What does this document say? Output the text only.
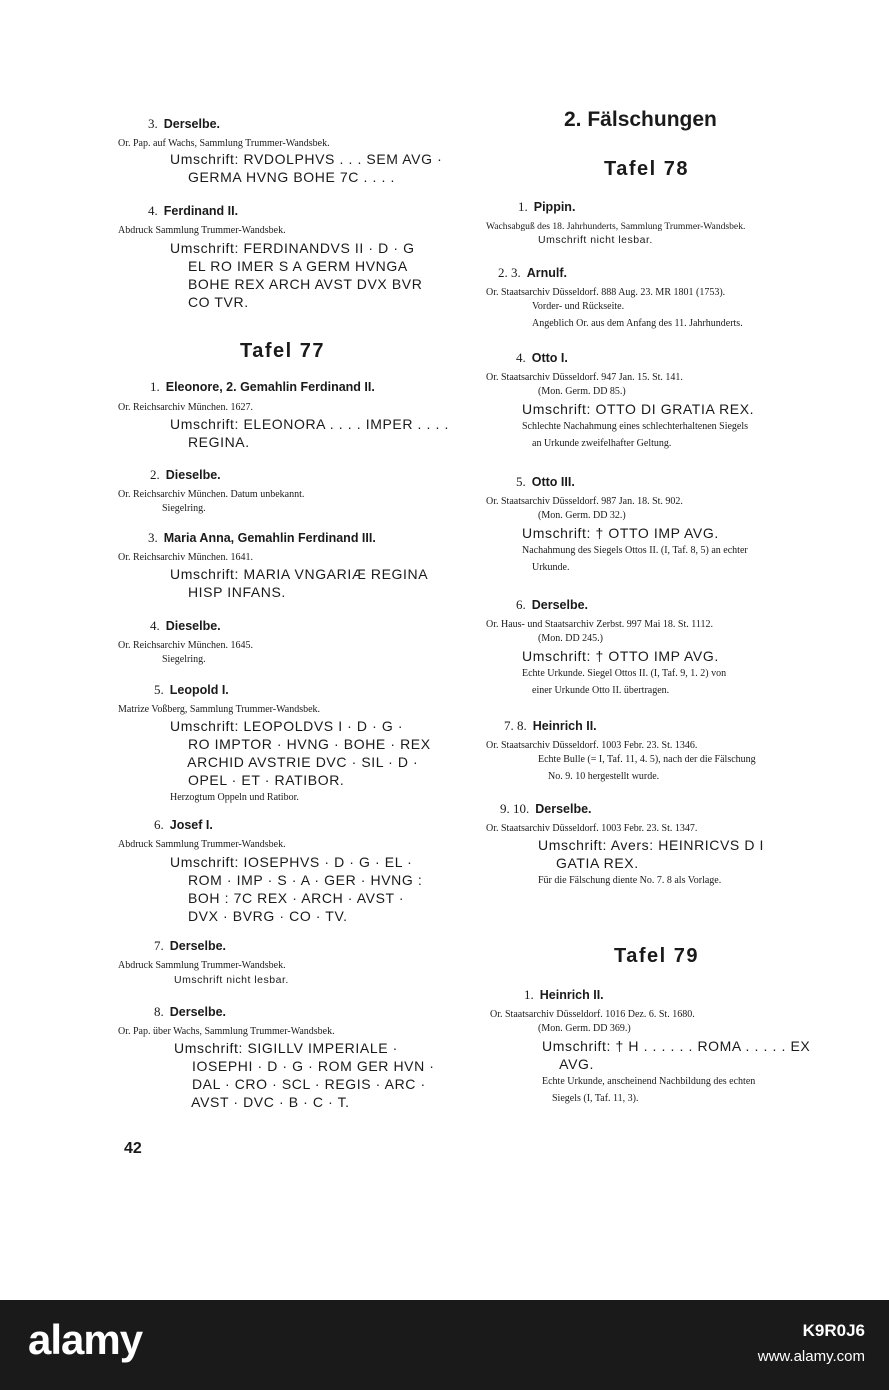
3. Derselbe.
Or. Pap. auf Wachs, Sammlung Trummer-Wandsbek.
Umschrift: RVDOLPHVS . . . SEM AVG ·
GERMA HVNG BOHE 7C . . . .
4. Ferdinand II.
Abdruck Sammlung Trummer-Wandsbek.
Umschrift: FERDINANDVS II · D · G
EL RO IMER S A GERM HVNGA
BOHE REX ARCH AVST DVX BVR
CO TVR.
Tafel 77
1. Eleonore, 2. Gemahlin Ferdinand II.
Or. Reichsarchiv München. 1627.
Umschrift: ELEONORA . . . . IMPER . . . .
REGINA.
2. Dieselbe.
Or. Reichsarchiv München. Datum unbekannt.
Siegelring.
3. Maria Anna, Gemahlin Ferdinand III.
Or. Reichsarchiv München. 1641.
Umschrift: MARIA VNGARIÆ REGINA
HISP INFANS.
4. Dieselbe.
Or. Reichsarchiv München. 1645.
Siegelring.
5. Leopold I.
Matrize Voßberg, Sammlung Trummer-Wandsbek.
Umschrift: LEOPOLDVS I · D · G ·
RO IMPTOR · HVNG · BOHE · REX
ARCHID AVSTRIE DVC · SIL · D ·
OPEL · ET · RATIBOR.
Herzogtum Oppeln und Ratibor.
6. Josef I.
Abdruck Sammlung Trummer-Wandsbek.
Umschrift: IOSEPHVS · D · G · EL ·
ROM · IMP · S · A · GER · HVNG :
BOH : 7C REX · ARCH · AVST ·
DVX · BVRG · CO · TV.
7. Derselbe.
Abdruck Sammlung Trummer-Wandsbek.
Umschrift nicht lesbar.
8. Derselbe.
Or. Pap. über Wachs, Sammlung Trummer-Wandsbek.
Umschrift: SIGILLV IMPERIALE ·
IOSEPHI · D · G · ROM GER HVN ·
DAL · CRO · SCL · REGIS · ARC ·
AVST · DVC · B · C · T.
42
2. Fälschungen
Tafel 78
1. Pippin.
Wachsabguß des 18. Jahrhunderts, Sammlung Trummer-Wandsbek.
Umschrift nicht lesbar.
2. 3. Arnulf.
Or. Staatsarchiv Düsseldorf. 888 Aug. 23. MR 1801 (1753).
Vorder- und Rückseite.
Angeblich Or. aus dem Anfang des 11. Jahrhunderts.
4. Otto I.
Or. Staatsarchiv Düsseldorf. 947 Jan. 15. St. 141.
(Mon. Germ. DD 85.)
Umschrift: OTTO DI GRATIA REX.
Schlechte Nachahmung eines schlechterhaltenen Siegels
an Urkunde zweifelhafter Geltung.
5. Otto III.
Or. Staatsarchiv Düsseldorf. 987 Jan. 18. St. 902.
(Mon. Germ. DD 32.)
Umschrift: † OTTO IMP AVG.
Nachahmung des Siegels Ottos II. (I, Taf. 8, 5) an echter
Urkunde.
6. Derselbe.
Or. Haus- und Staatsarchiv Zerbst. 997 Mai 18. St. 1112.
(Mon. DD 245.)
Umschrift: † OTTO IMP AVG.
Echte Urkunde. Siegel Ottos II. (I, Taf. 9, 1. 2) von
einer Urkunde Otto II. übertragen.
7. 8. Heinrich II.
Or. Staatsarchiv Düsseldorf. 1003 Febr. 23. St. 1346.
Echte Bulle (= I, Taf. 11, 4. 5), nach der die Fälschung
No. 9. 10 hergestellt wurde.
9. 10. Derselbe.
Or. Staatsarchiv Düsseldorf. 1003 Febr. 23. St. 1347.
Umschrift: Avers: HEINRICVS D I
GATIA REX.
Für die Fälschung diente No. 7. 8 als Vorlage.
Tafel 79
1. Heinrich II.
Or. Staatsarchiv Düsseldorf. 1016 Dez. 6. St. 1680.
(Mon. Germ. DD 369.)
Umschrift: † H . . . . . . ROMA . . . . . EX
AVG.
Echte Urkunde, anscheinend Nachbildung des echten
Siegels (I, Taf. 11, 3).
alamy	K9R0J6
www.alamy.com
